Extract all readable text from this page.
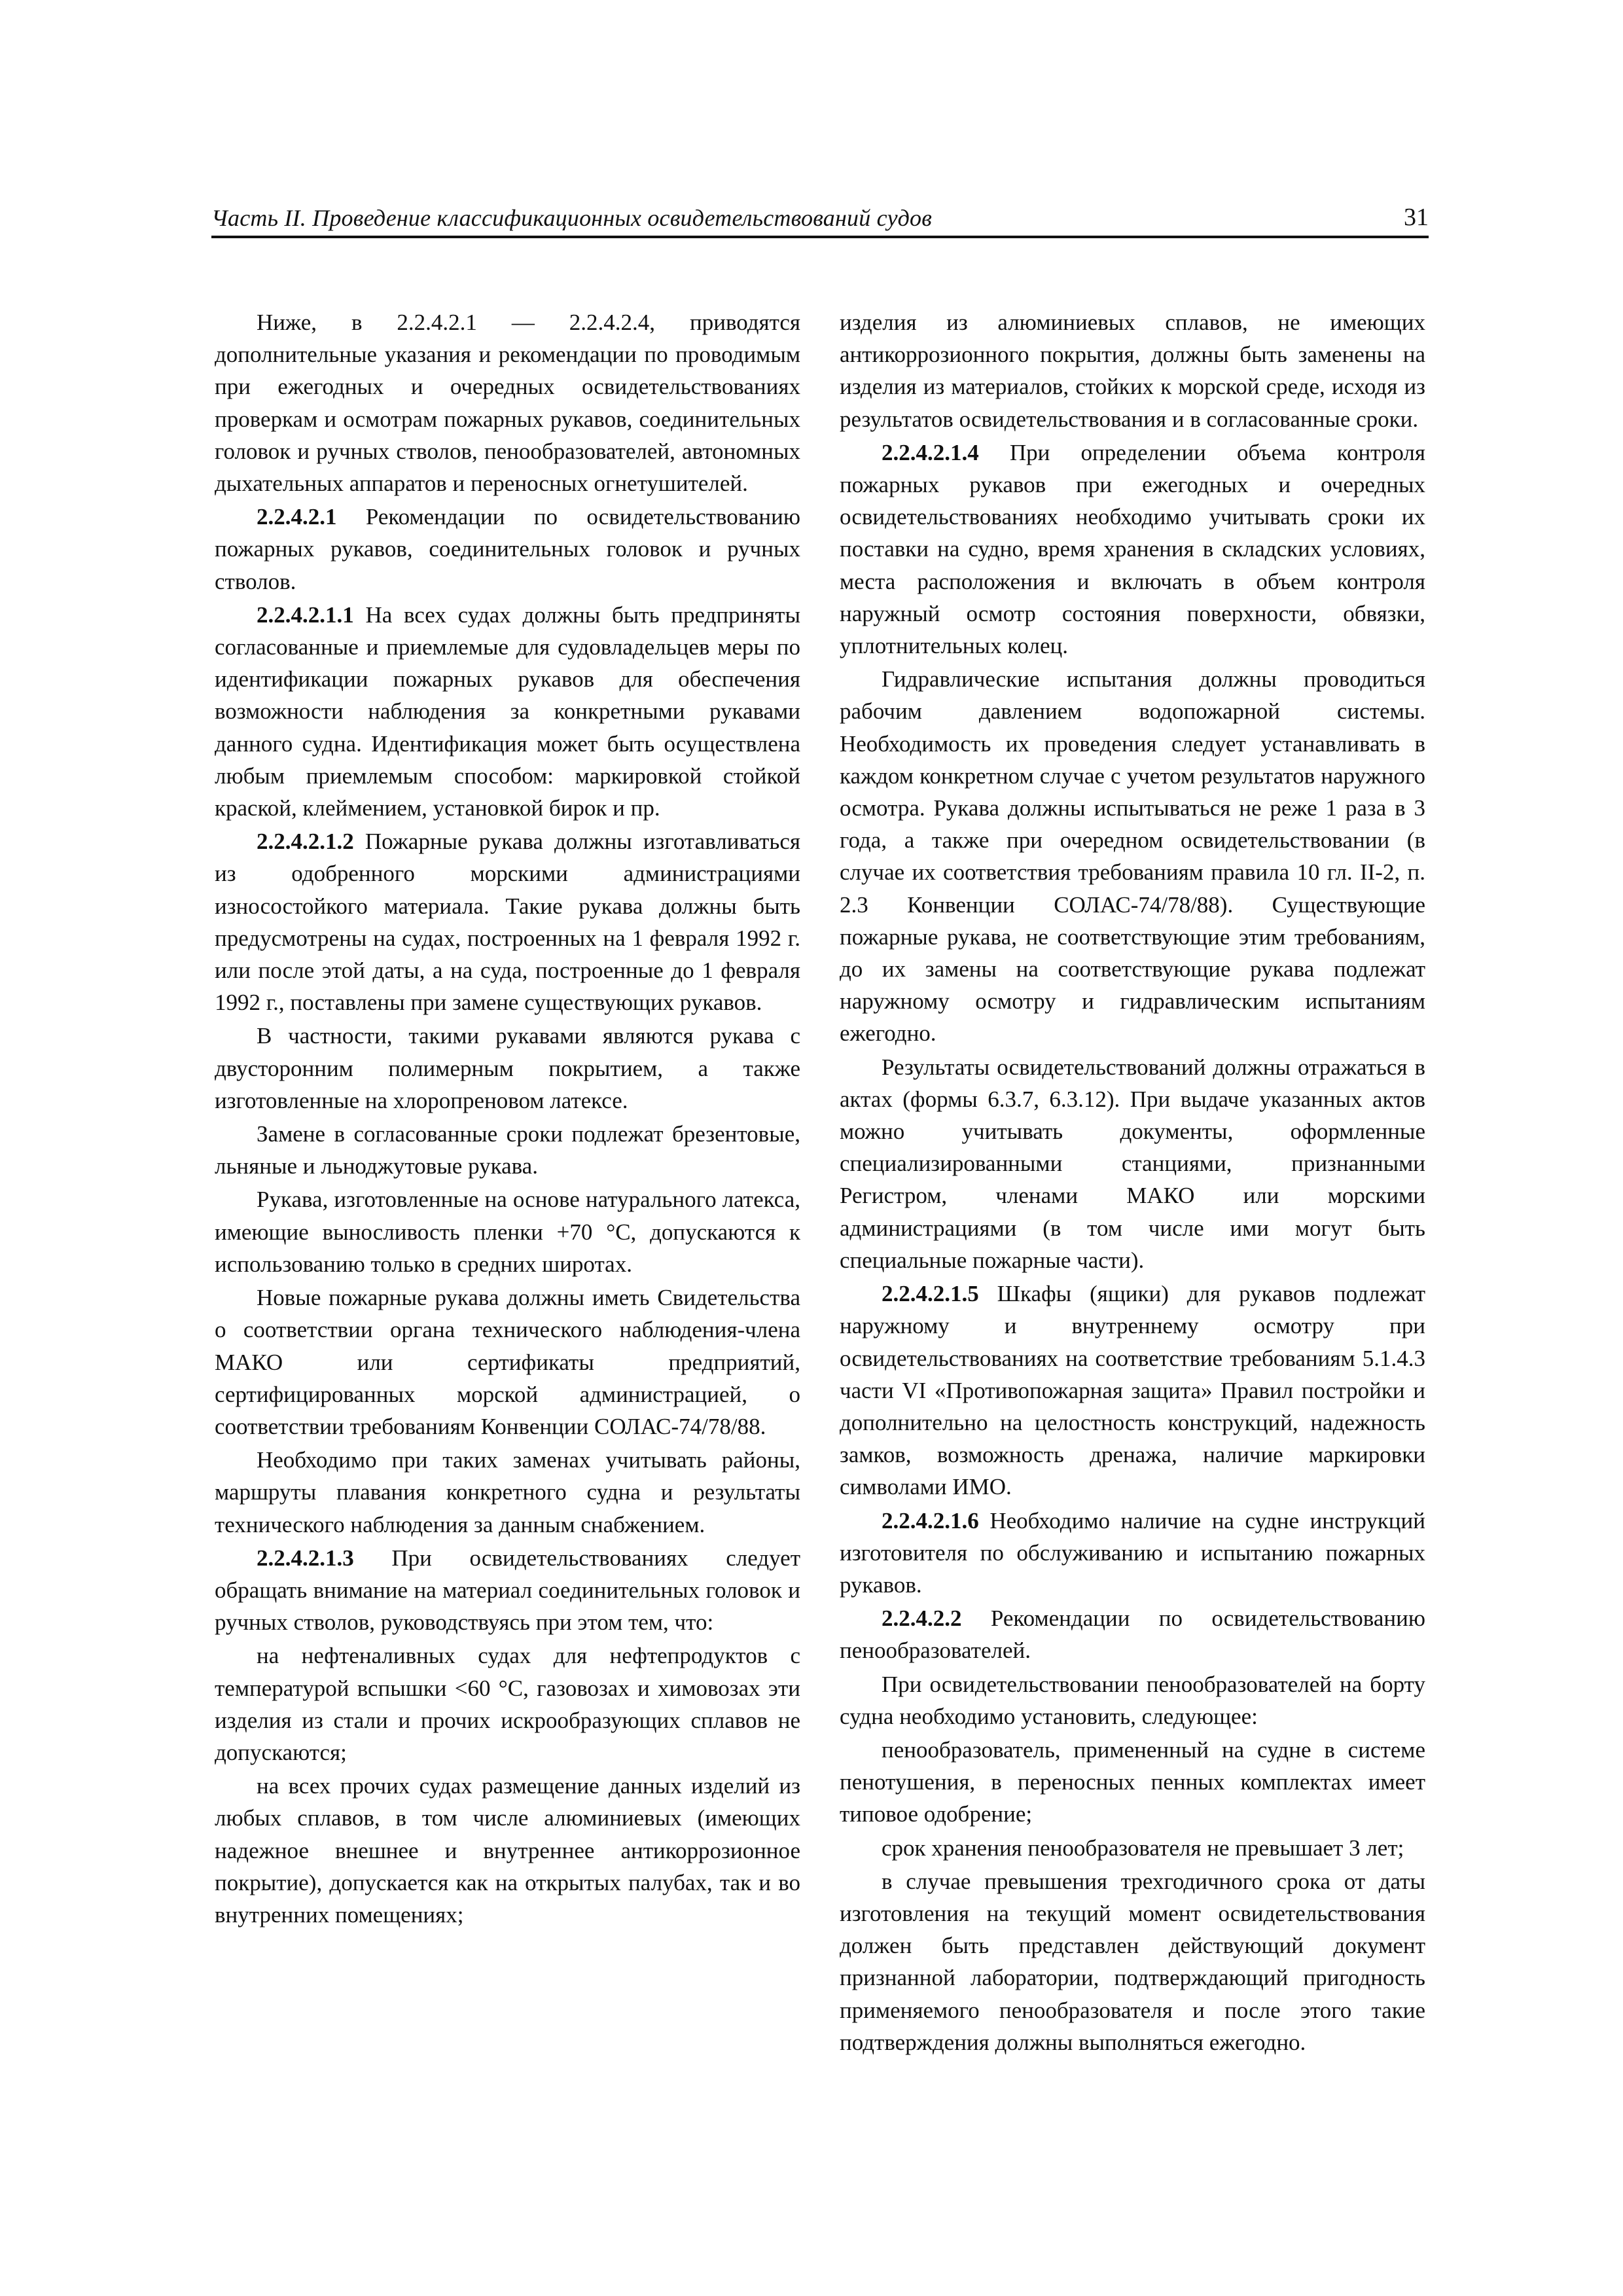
Часть II. Проведение классификационных освидетельствований судов	31

Ниже, в 2.2.4.2.1 — 2.2.4.2.4, приводятся дополнительные указания и рекомендации по проводимым при ежегодных и очередных освидетельствованиях проверкам и осмотрам пожарных рукавов, соединительных головок и ручных стволов, пенообразователей, автономных дыхательных аппаратов и переносных огнетушителей.

2.2.4.2.1 Рекомендации по освидетельствованию пожарных рукавов, соединительных головок и ручных стволов.

2.2.4.2.1.1 На всех судах должны быть предприняты согласованные и приемлемые для судовладельцев меры по идентификации пожарных рукавов для обеспечения возможности наблюдения за конкретными рукавами данного судна. Идентификация может быть осуществлена любым приемлемым способом: маркировкой стойкой краской, клеймением, установкой бирок и пр.

2.2.4.2.1.2 Пожарные рукава должны изготавливаться из одобренного морскими администрациями износостойкого материала. Такие рукава должны быть предусмотрены на судах, построенных на 1 февраля 1992 г. или после этой даты, а на суда, построенные до 1 февраля 1992 г., поставлены при замене существующих рукавов.

В частности, такими рукавами являются рукава с двусторонним полимерным покрытием, а также изготовленные на хлоропреновом латексе.

Замене в согласованные сроки подлежат брезентовые, льняные и льноджутовые рукава.

Рукава, изготовленные на основе натурального латекса, имеющие выносливость пленки +70 °С, допускаются к использованию только в средних широтах.

Новые пожарные рукава должны иметь Свидетельства о соответствии органа технического наблюдения-члена МАКО или сертификаты предприятий, сертифицированных морской администрацией, о соответствии требованиям Конвенции СОЛАС-74/78/88.

Необходимо при таких заменах учитывать районы, маршруты плавания конкретного судна и результаты технического наблюдения за данным снабжением.

2.2.4.2.1.3 При освидетельствованиях следует обращать внимание на материал соединительных головок и ручных стволов, руководствуясь при этом тем, что:

на нефтеналивных судах для нефтепродуктов с температурой вспышки <60 °С, газовозах и химовозах эти изделия из стали и прочих искрообразующих сплавов не допускаются;

на всех прочих судах размещение данных изделий из любых сплавов, в том числе алюминиевых (имеющих надежное внешнее и внутреннее антикоррозионное покрытие), допускается как на открытых палубах, так и во внутренних помещениях;

изделия из алюминиевых сплавов, не имеющих антикоррозионного покрытия, должны быть заменены на изделия из материалов, стойких к морской среде, исходя из результатов освидетельствования и в согласованные сроки.

2.2.4.2.1.4 При определении объема контроля пожарных рукавов при ежегодных и очередных освидетельствованиях необходимо учитывать сроки их поставки на судно, время хранения в складских условиях, места расположения и включать в объем контроля наружный осмотр состояния поверхности, обвязки, уплотнительных колец.

Гидравлические испытания должны проводиться рабочим давлением водопожарной системы. Необходимость их проведения следует устанавливать в каждом конкретном случае с учетом результатов наружного осмотра. Рукава должны испытываться не реже 1 раза в 3 года, а также при очередном освидетельствовании (в случае их соответствия требованиям правила 10 гл. II-2, п. 2.3 Конвенции СОЛАС-74/78/88). Существующие пожарные рукава, не соответствующие этим требованиям, до их замены на соответствующие рукава подлежат наружному осмотру и гидравлическим испытаниям ежегодно.

Результаты освидетельствований должны отражаться в актах (формы 6.3.7, 6.3.12). При выдаче указанных актов можно учитывать документы, оформленные специализированными станциями, признанными Регистром, членами МАКО или морскими администрациями (в том числе ими могут быть специальные пожарные части).

2.2.4.2.1.5 Шкафы (ящики) для рукавов подлежат наружному и внутреннему осмотру при освидетельствованиях на соответствие требованиям 5.1.4.3 части VI «Противопожарная защита» Правил постройки и дополнительно на целостность конструкций, надежность замков, возможность дренажа, наличие маркировки символами ИМО.

2.2.4.2.1.6 Необходимо наличие на судне инструкций изготовителя по обслуживанию и испытанию пожарных рукавов.

2.2.4.2.2 Рекомендации по освидетельствованию пенообразователей.

При освидетельствовании пенообразователей на борту судна необходимо установить, следующее:

пенообразователь, примененный на судне в системе пенотушения, в переносных пенных комплектах имеет типовое одобрение;

срок хранения пенообразователя не превышает 3 лет;

в случае превышения трехгодичного срока от даты изготовления на текущий момент освидетельствования должен быть представлен действующий документ признанной лаборатории, подтверждающий пригодность применяемого пенообразователя и после этого такие подтверждения должны выполняться ежегодно.
